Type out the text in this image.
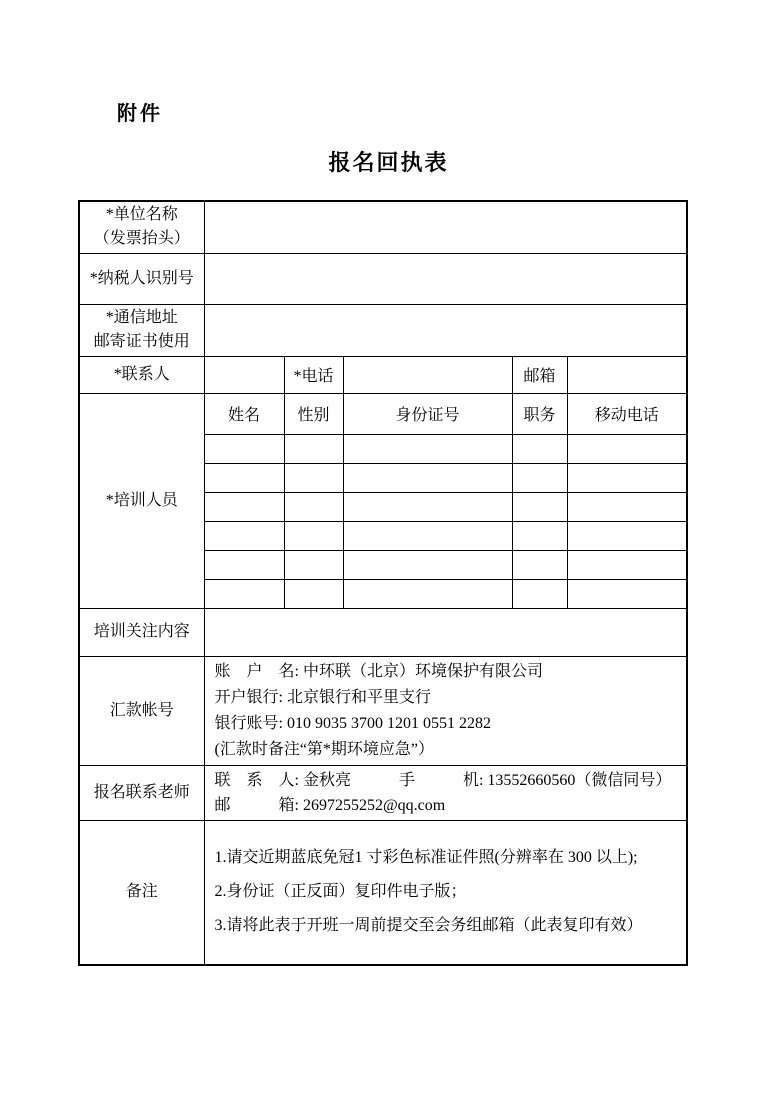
附件
报名回执表
*单位名称
（发票抬头）					

*纳税人识别号					

*通信地址
邮寄证书使用					

*联系人		*电话		邮箱	
*培训人员	姓名	性别	身份证号	职务	移动电话

培训关注内容					
汇款帐号	账　户　名: 中环联（北京）环境保护有限公司
开户银行: 北京银行和平里支行
银行账号: 010 9035 3700 1201 0551 2282
(汇款时备注“第*期环境应急”）				

报名联系老师	联　系　人: 金秋亮　　　手　　　机: 13552660560（微信同号）
邮　　　箱: 2697255252@qq.com				

备注	1.请交近期蓝底免冠1 寸彩色标准证件照(分辨率在 300 以上);
2.身份证（正反面）复印件电子版；
3.请将此表于开班一周前提交至会务组邮箱（此表复印有效）				
